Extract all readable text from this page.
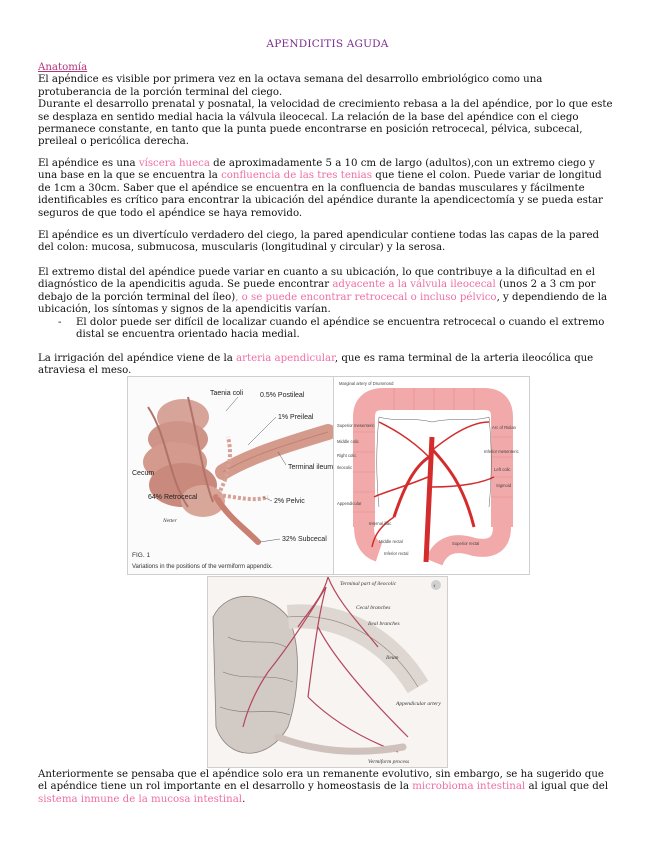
APENDICITIS AGUDA
Anatomía
El apéndice es visible por primera vez en la octava semana del desarrollo embriológico como una
protuberancia de la porción terminal del ciego.
Durante el desarrollo prenatal y posnatal, la velocidad de crecimiento rebasa a la del apéndice, por lo que este
se desplaza en sentido medial hacia la válvula ileocecal. La relación de la base del apéndice con el ciego
permanece constante, en tanto que la punta puede encontrarse en posición retrocecal, pélvica, subcecal,
preileal o pericólica derecha.
El apéndice es una víscera hueca de aproximadamente 5 a 10 cm de largo (adultos),con un extremo ciego y
una base en la que se encuentra la confluencia de las tres tenias que tiene el colon. Puede variar de longitud
de 1cm a 30cm. Saber que el apéndice se encuentra en la confluencia de bandas musculares y fácilmente
identificables es crítico para encontrar la ubicación del apéndice durante la apendicectomía y se pueda estar
seguros de que todo el apéndice se haya removido.
El apéndice es un divertículo verdadero del ciego, la pared apendicular contiene todas las capas de la pared
del colon: mucosa, submucosa, muscularis (longitudinal y circular) y la serosa.
El extremo distal del apéndice puede variar en cuanto a su ubicación, lo que contribuye a la dificultad en el
diagnóstico de la apendicitis aguda. Se puede encontrar adyacente a la válvula ileocecal (unos 2 a 3 cm por
debajo de la porción terminal del íleo), o se puede encontrar retrocecal o incluso pélvico, y dependiendo de la
ubicación, los síntomas y signos de la apendicitis varían.
- El dolor puede ser difícil de localizar cuando el apéndice se encuentra retrocecal o cuando el extremo
distal se encuentra orientado hacia medial.
La irrigación del apéndice viene de la arteria apendicular, que es rama terminal de la arteria ileocólica que
atraviesa el meso.
Taenia coli 0.5% Postileal
1% Preileal
Cecum
Terminal ileum
64% Retrocecal
2% Pelvic
32% Subcecal
Netter
FIG. 1
Variations in the positions of the vermiform appendix.
Marginal artery of Drummond
Arc of Riolan
Superior mesenteric
Middle colic
Right colic
Ileocolic
Inferior mesenteric
Left colic
Sigmoid
Appendicular
Internal iliac
Middle rectal
Inferior rectal
Superior rectal
‹
Terminal part of ileocolic
Cecal branches
Ileal branches
Ileum
Appendicular artery
Vermiform process
Anteriormente se pensaba que el apéndice solo era un remanente evolutivo, sin embargo, se ha sugerido que
el apéndice tiene un rol importante en el desarrollo y homeostasis de la microbioma intestinal al igual que del
sistema inmune de la mucosa intestinal.
